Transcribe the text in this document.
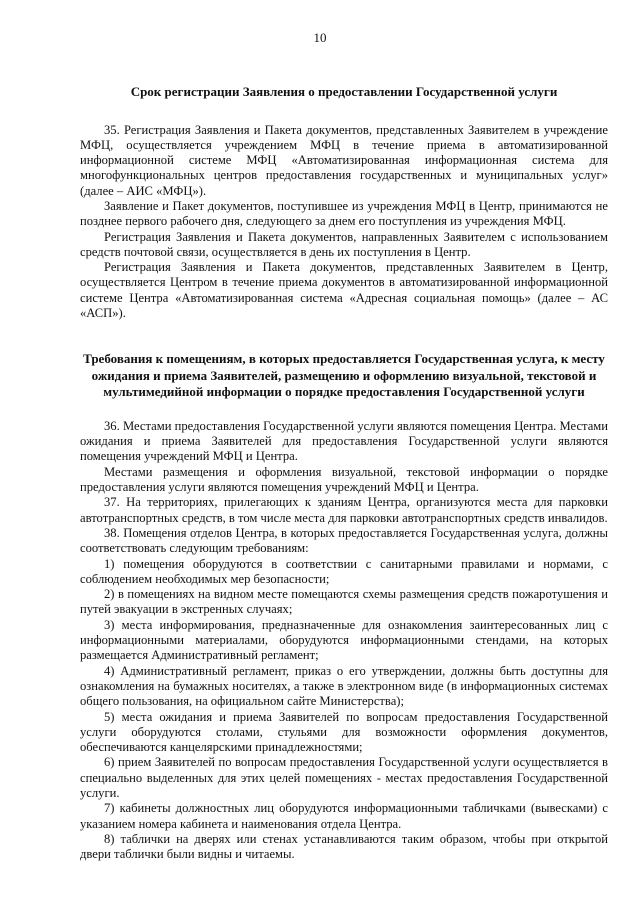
10
Срок регистрации Заявления о предоставлении Государственной услуги

35. Регистрация Заявления и Пакета документов, представленных Заявителем в учреждение МФЦ, осуществляется учреждением МФЦ в течение приема в автоматизированной информационной системе МФЦ «Автоматизированная информационная система для многофункциональных центров предоставления государственных и муниципальных услуг» (далее – АИС «МФЦ»).

Заявление и Пакет документов, поступившее из учреждения МФЦ в Центр, принимаются не позднее первого рабочего дня, следующего за днем его поступления из учреждения МФЦ.

Регистрация Заявления и Пакета документов, направленных Заявителем с использованием средств почтовой связи, осуществляется в день их поступления в Центр.

Регистрация Заявления и Пакета документов, представленных Заявителем в Центр, осуществляется Центром в течение приема документов в автоматизированной информационной системе Центра «Автоматизированная система «Адресная социальная помощь» (далее – АС «АСП»).

Требования к помещениям, в которых предоставляется Государственная услуга, к месту ожидания и приема Заявителей, размещению и оформлению визуальной, текстовой и мультимедийной информации о порядке предоставления Государственной услуги

36. Местами предоставления Государственной услуги являются помещения Центра. Местами ожидания и приема Заявителей для предоставления Государственной услуги являются помещения учреждений МФЦ и Центра.

Местами размещения и оформления визуальной, текстовой информации о порядке предоставления услуги являются помещения учреждений МФЦ и Центра.

37. На территориях, прилегающих к зданиям Центра, организуются места для парковки автотранспортных средств, в том числе места для парковки автотранспортных средств инвалидов.

38. Помещения отделов Центра, в которых предоставляется Государственная услуга, должны соответствовать следующим требованиям:

1) помещения оборудуются в соответствии с санитарными правилами и нормами, с соблюдением необходимых мер безопасности;

2) в помещениях на видном месте помещаются схемы размещения средств пожаротушения и путей эвакуации в экстренных случаях;

3) места информирования, предназначенные для ознакомления заинтересованных лиц с информационными материалами, оборудуются информационными стендами, на которых размещается Административный регламент;

4) Административный регламент, приказ о его утверждении, должны быть доступны для ознакомления на бумажных носителях, а также в электронном виде (в информационных системах общего пользования, на официальном сайте Министерства);

5) места ожидания и приема Заявителей по вопросам предоставления Государственной услуги оборудуются столами, стульями для возможности оформления документов, обеспечиваются канцелярскими принадлежностями;

6) прием Заявителей по вопросам предоставления Государственной услуги осуществляется в специально выделенных для этих целей помещениях - местах предоставления Государственной услуги.

7) кабинеты должностных лиц оборудуются информационными табличками (вывесками) с указанием номера кабинета и наименования отдела Центра.

8) таблички на дверях или стенах устанавливаются таким образом, чтобы при открытой двери таблички были видны и читаемы.
